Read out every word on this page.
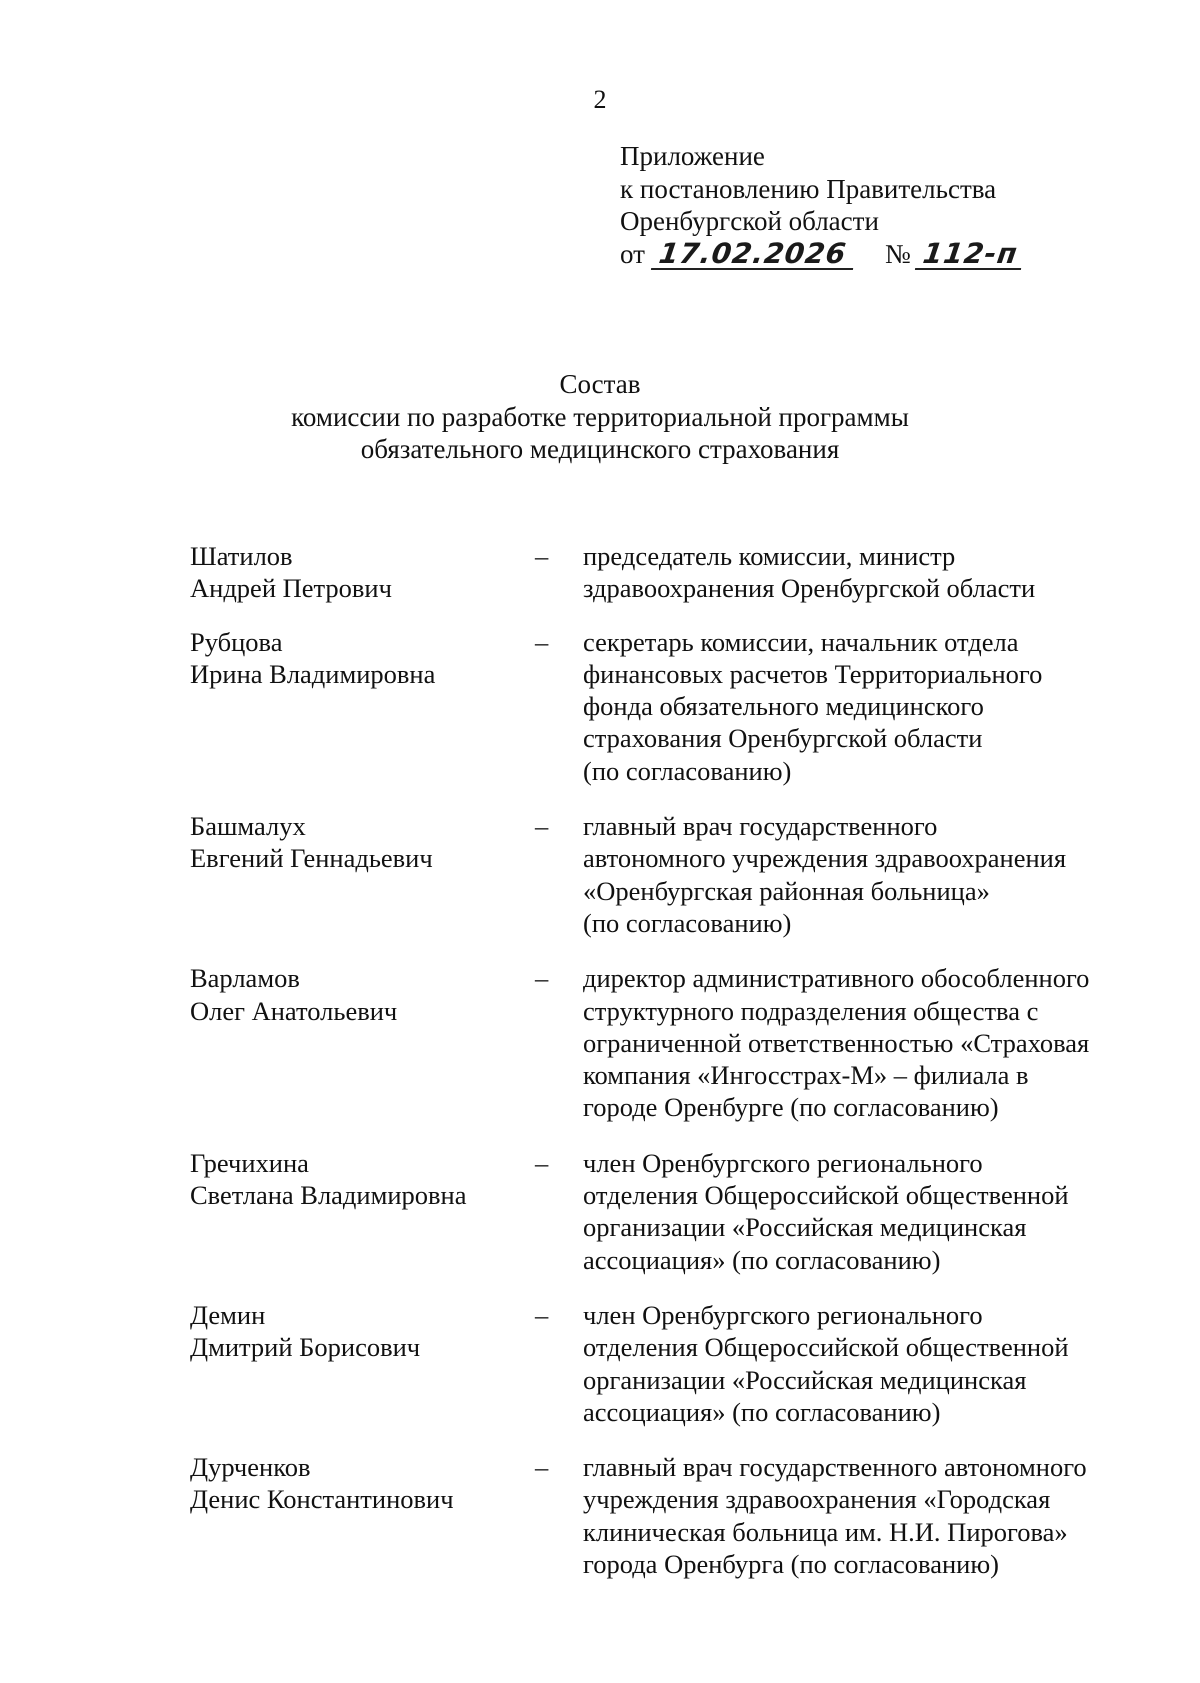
2
Приложение
к постановлению Правительства
Оренбургской области
от 17.02.2026	№ 112-п
Состав
комиссии по разработке территориальной программы
обязательного медицинского страхования
Шатилов
Андрей Петрович
–	председатель комиссии, министр
здравоохранения Оренбургской области
Рубцова
Ирина Владимировна
–	секретарь комиссии, начальник отдела
финансовых расчетов Территориального
фонда обязательного медицинского
страхования Оренбургской области
(по согласованию)
Башмалух
Евгений Геннадьевич
–	главный врач государственного
автономного учреждения здравоохранения
«Оренбургская районная больница»
(по согласованию)
Варламов
Олег Анатольевич
–	директор административного обособленного
структурного подразделения общества с
ограниченной ответственностью «Страховая
компания «Ингосстрах-М» – филиала в
городе Оренбурге (по согласованию)
Гречихина
Светлана Владимировна
–	член Оренбургского регионального
отделения Общероссийской общественной
организации «Российская медицинская
ассоциация» (по согласованию)
Демин
Дмитрий Борисович
–	член Оренбургского регионального
отделения Общероссийской общественной
организации «Российская медицинская
ассоциация» (по согласованию)
Дурченков
Денис Константинович
–	главный врач государственного автономного
учреждения здравоохранения «Городская
клиническая больница им. Н.И. Пирогова»
города Оренбурга (по согласованию)
